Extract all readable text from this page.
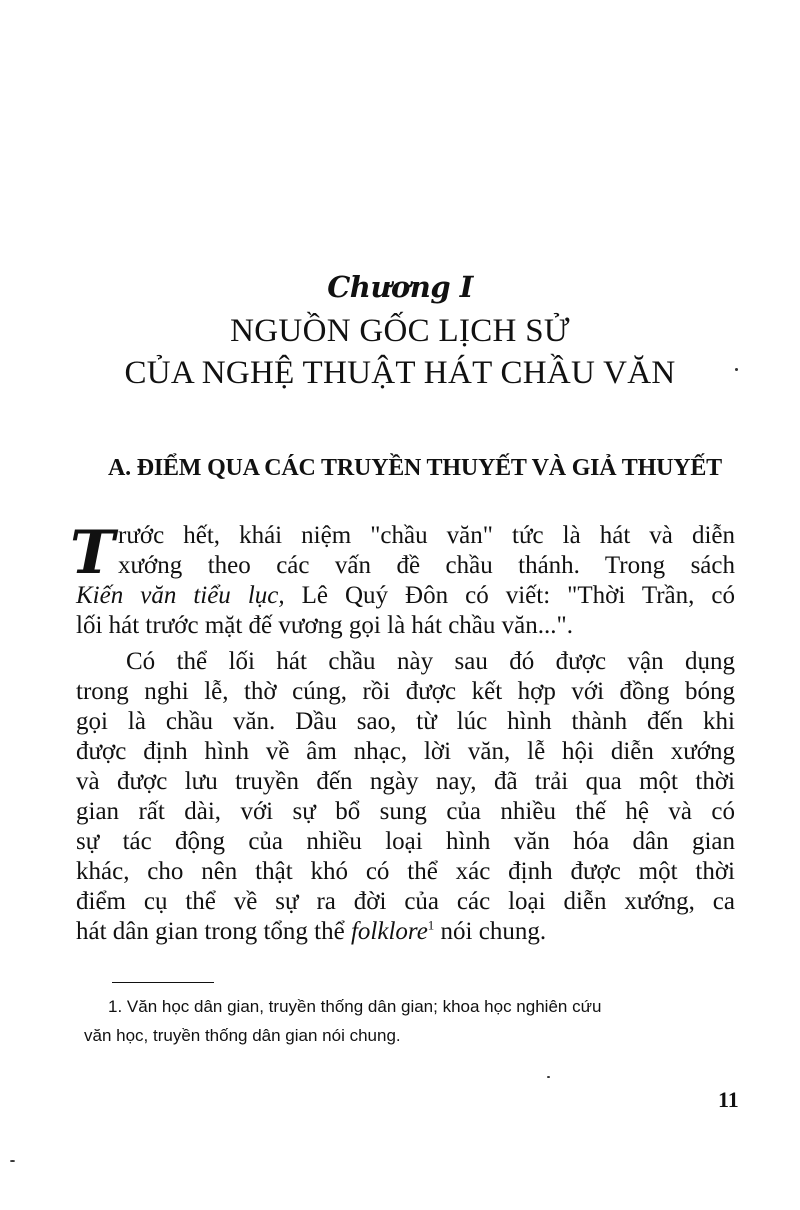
Chương I
NGUỒN GỐC LỊCH SỬ
CỦA NGHỆ THUẬT HÁT CHẦU VĂN
A. ĐIỂM QUA CÁC TRUYỀN THUYẾT VÀ GIẢ THUYẾT
T rước hết, khái niệm "chầu văn" tức là hát và diễn
xướng theo các vấn đề chầu thánh. Trong sách
Kiến văn tiểu lục, Lê Quý Đôn có viết: "Thời Trần, có
lối hát trước mặt đế vương gọi là hát chầu văn...".
Có thể lối hát chầu này sau đó được vận dụng
trong nghi lễ, thờ cúng, rồi được kết hợp với đồng bóng
gọi là chầu văn. Dầu sao, từ lúc hình thành đến khi
được định hình về âm nhạc, lời văn, lễ hội diễn xướng
và được lưu truyền đến ngày nay, đã trải qua một thời
gian rất dài, với sự bổ sung của nhiều thế hệ và có
sự tác động của nhiều loại hình văn hóa dân gian
khác, cho nên thật khó có thể xác định được một thời
điểm cụ thể về sự ra đời của các loại diễn xướng, ca
hát dân gian trong tổng thể folklore$^1$ nói chung.
1. Văn học dân gian, truyền thống dân gian; khoa học nghiên cứu
văn học, truyền thống dân gian nói chung.
11
